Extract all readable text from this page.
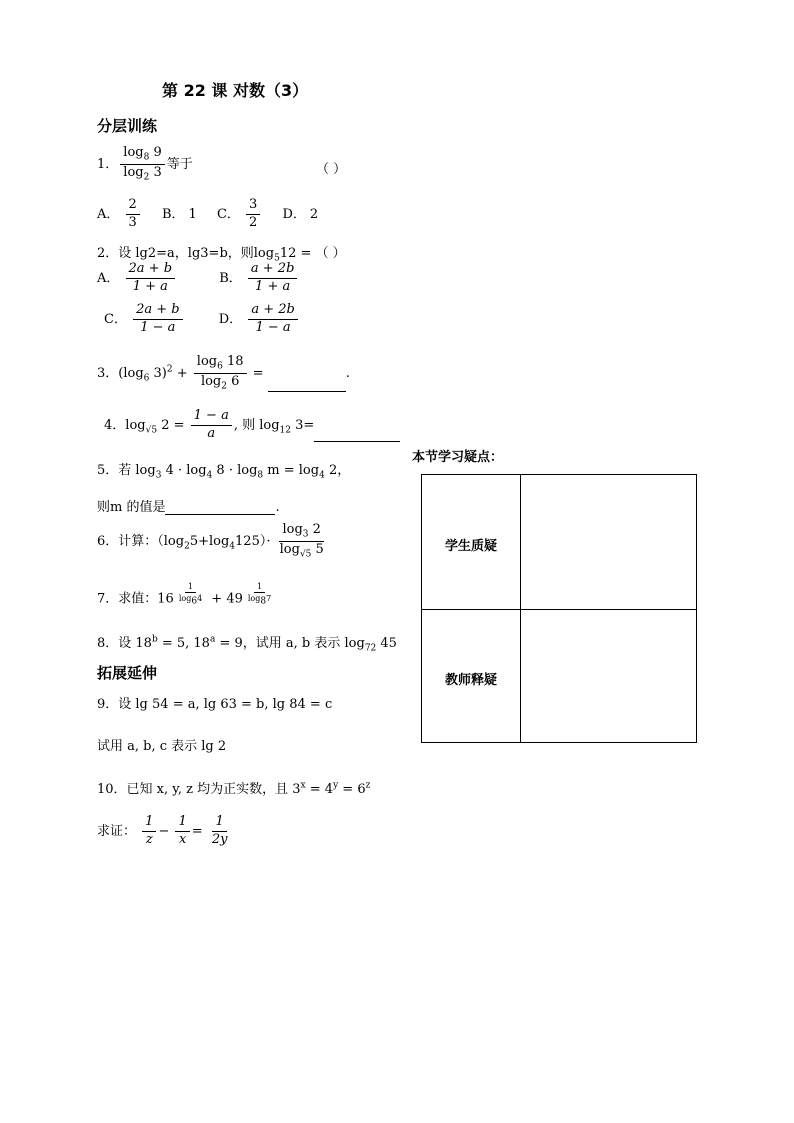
第 22 课 对数（3）
分层训练
1． $\frac{\log_8 9}{\log_2 3}$ 等于	（ ）
A． $\frac{2}{3}$ B． 1 C． $\frac{3}{2}$ D． 2
2．设 lg2=a，lg3=b，则$\log_512$ = （ ）
A． $\frac{2a + b}{1 + a}$	B． $\frac{a + 2b}{1 + a}$
C． $\frac{2a + b}{1 - a}$	D． $\frac{a + 2b}{1 - a}$
3．($\log_6$ $3)^2 + \frac{\log_6 18}{\log_2 6}$ =	.
4．$\log_{√5} 2 = \frac{1 - a}{a}$ , 则 $\log_{12} 3=$
本节学习疑点：
5．若 $\log_3 4 \cdot \log_4 8 \cdot \log_8 m = \log_4 2$，
则m 的值是	.
6．计算：$(\log_25+\log_4125)\cdot \frac{\log_3 2}{\log_{√5} 5}$
7．求值：16 $^{\frac{1}{\log_64}}$ + 49 $^{\frac{1}{\log_87}}$
8．设 $18^b = 5$, $18^a = 9$，试用 a, b 表示 $\log_{72} 45$
拓展延伸
9．设 lg 54 = a, lg 63 = b, lg 84 = c
试用 a, b, c 表示 lg 2
10．已知 x, y, z 均为正实数，且 $3^x = 4^y = 6^z$
求证： $\frac{1}{z} - \frac{1}{x} = \frac{1}{2y}$
学生质疑
教师释疑
